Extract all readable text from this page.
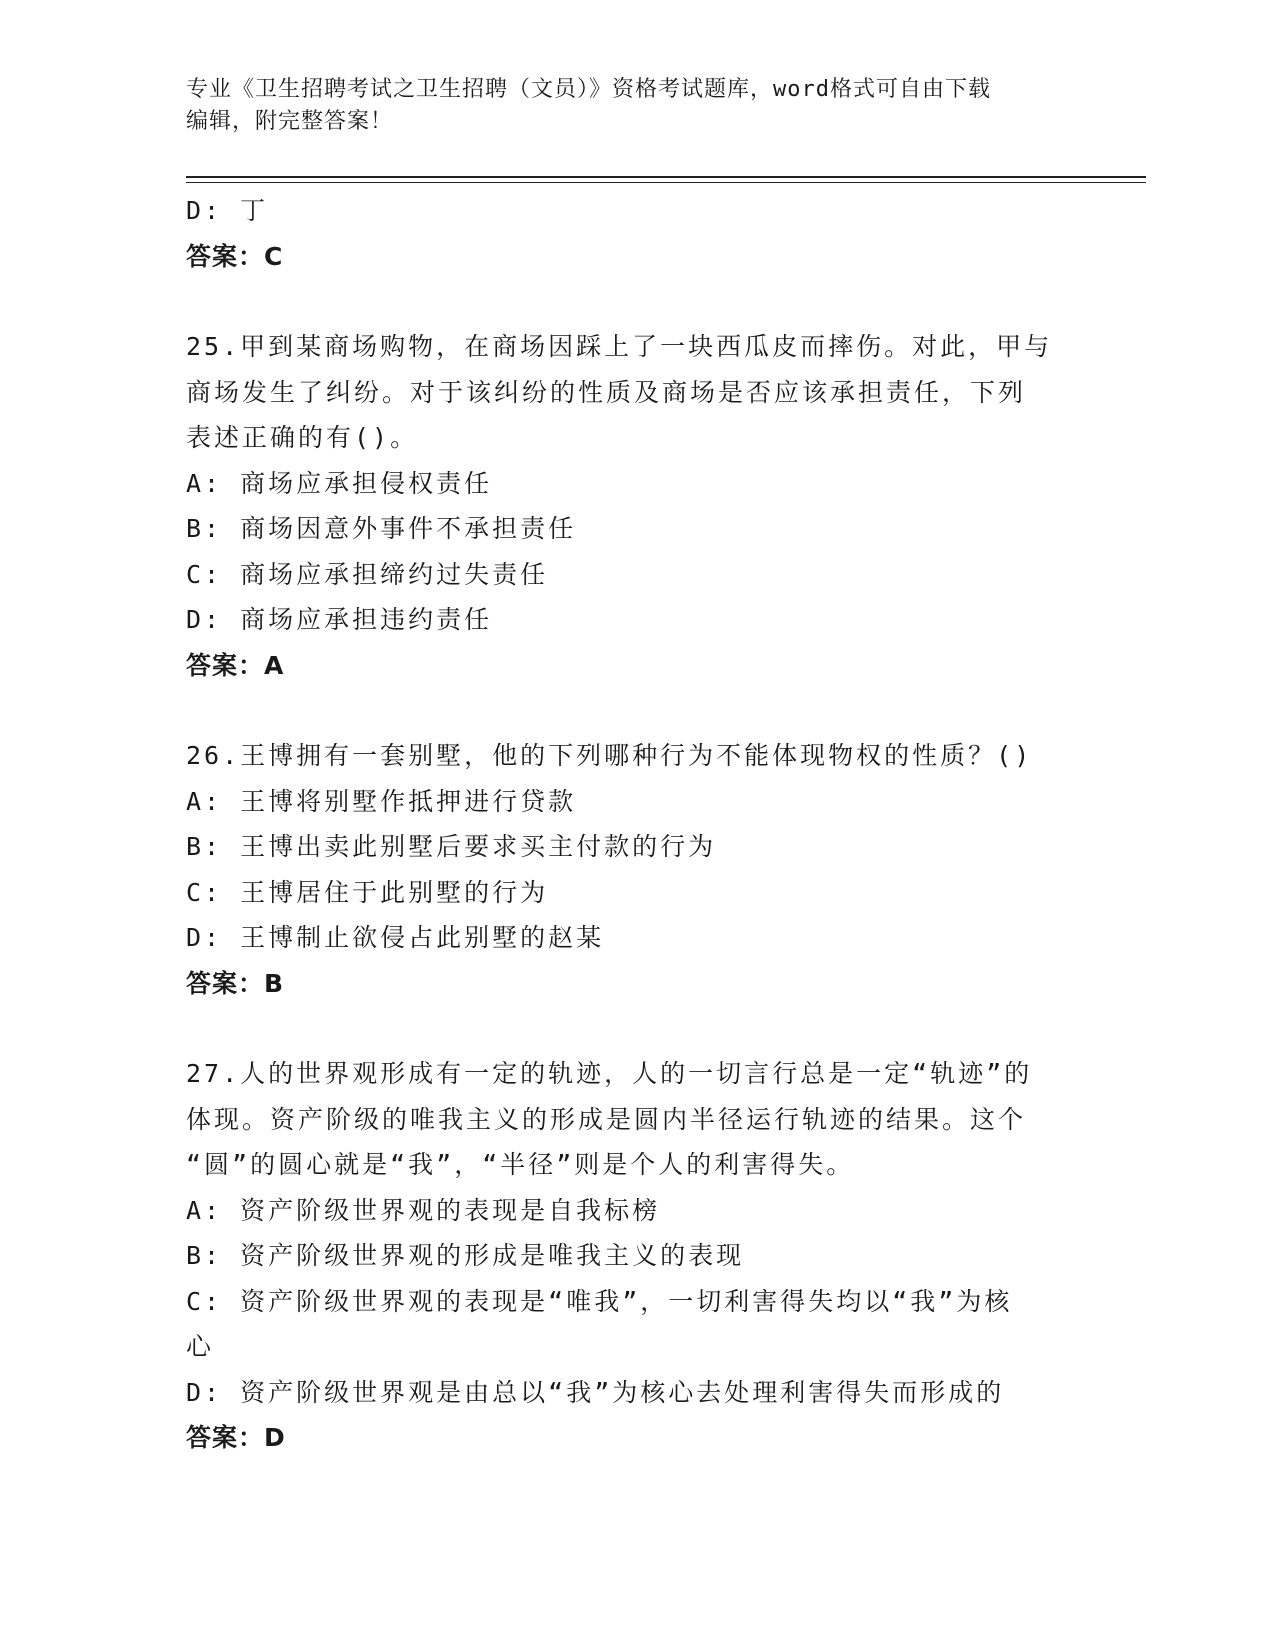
专业《卫生招聘考试之卫生招聘（文员）》资格考试题库，word格式可自由下载
编辑，附完整答案！
D: 丁
答案：C
25.甲到某商场购物，在商场因踩上了一块西瓜皮而摔伤。对此，甲与
商场发生了纠纷。对于该纠纷的性质及商场是否应该承担责任，下列
表述正确的有()。
A: 商场应承担侵权责任
B: 商场因意外事件不承担责任
C: 商场应承担缔约过失责任
D: 商场应承担违约责任
答案：A
26.王博拥有一套别墅，他的下列哪种行为不能体现物权的性质？()
A: 王博将别墅作抵押进行贷款
B: 王博出卖此别墅后要求买主付款的行为
C: 王博居住于此别墅的行为
D: 王博制止欲侵占此别墅的赵某
答案：B
27.人的世界观形成有一定的轨迹，人的一切言行总是一定“轨迹”的
体现。资产阶级的唯我主义的形成是圆内半径运行轨迹的结果。这个
“圆”的圆心就是“我”，“半径”则是个人的利害得失。
A: 资产阶级世界观的表现是自我标榜
B: 资产阶级世界观的形成是唯我主义的表现
C: 资产阶级世界观的表现是“唯我”，一切利害得失均以“我”为核
心
D: 资产阶级世界观是由总以“我”为核心去处理利害得失而形成的
答案：D
